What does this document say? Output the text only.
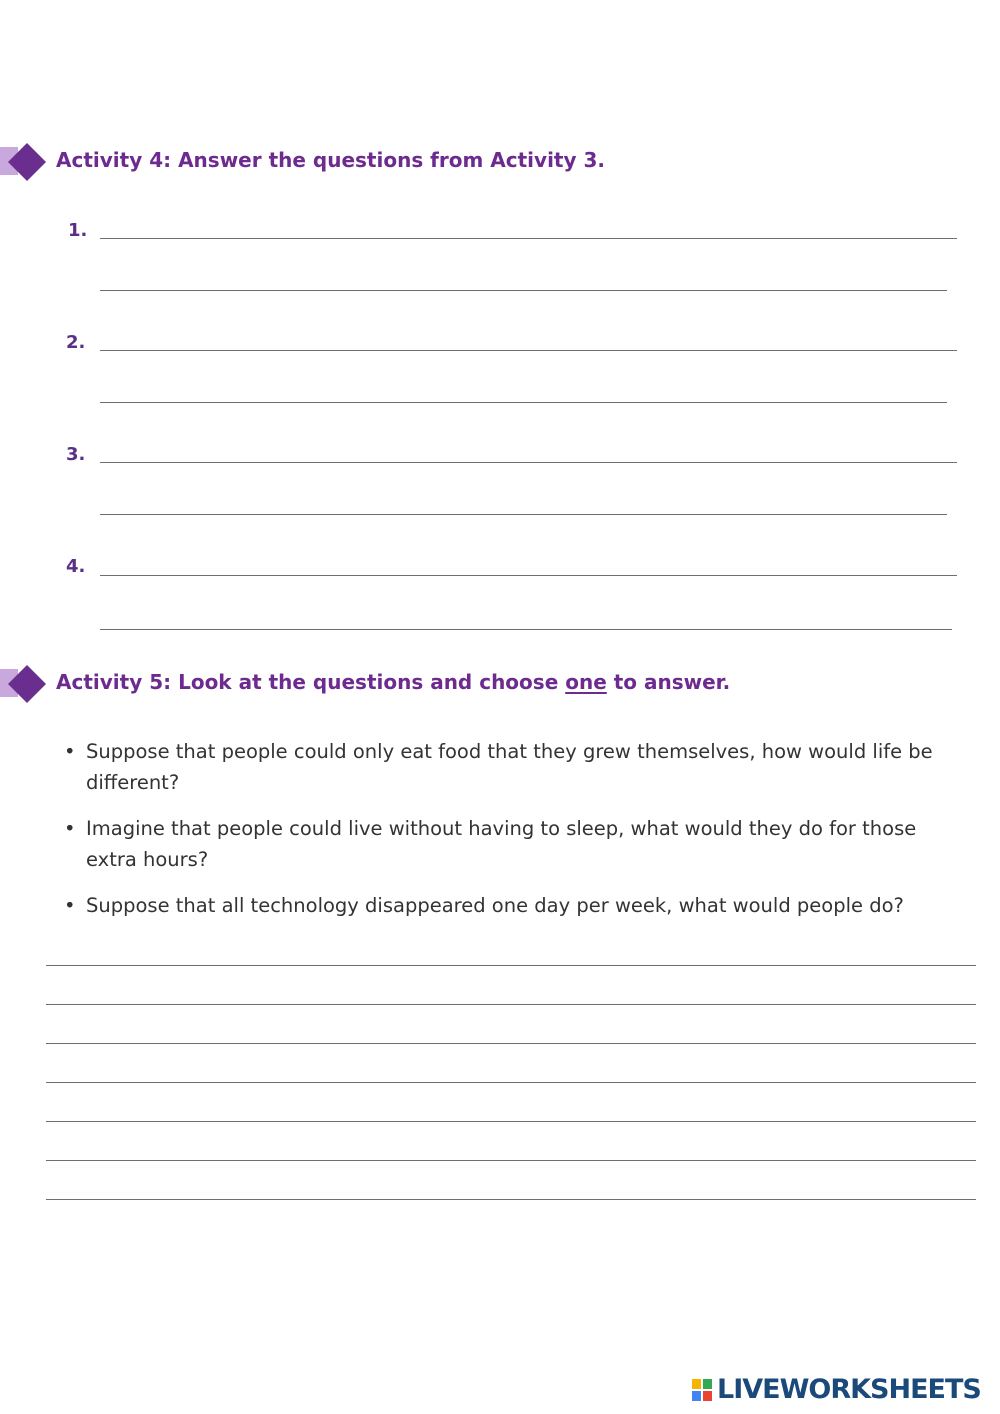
Activity 4: Answer the questions from Activity 3.
1.
2.
3.
4.
Activity 5: Look at the questions and choose one to answer.
• Suppose that people could only eat food that they grew themselves, how would life be different?
• Imagine that people could live without having to sleep, what would they do for those extra hours?
• Suppose that all technology disappeared one day per week, what would people do?
LIVEWORKSHEETS
